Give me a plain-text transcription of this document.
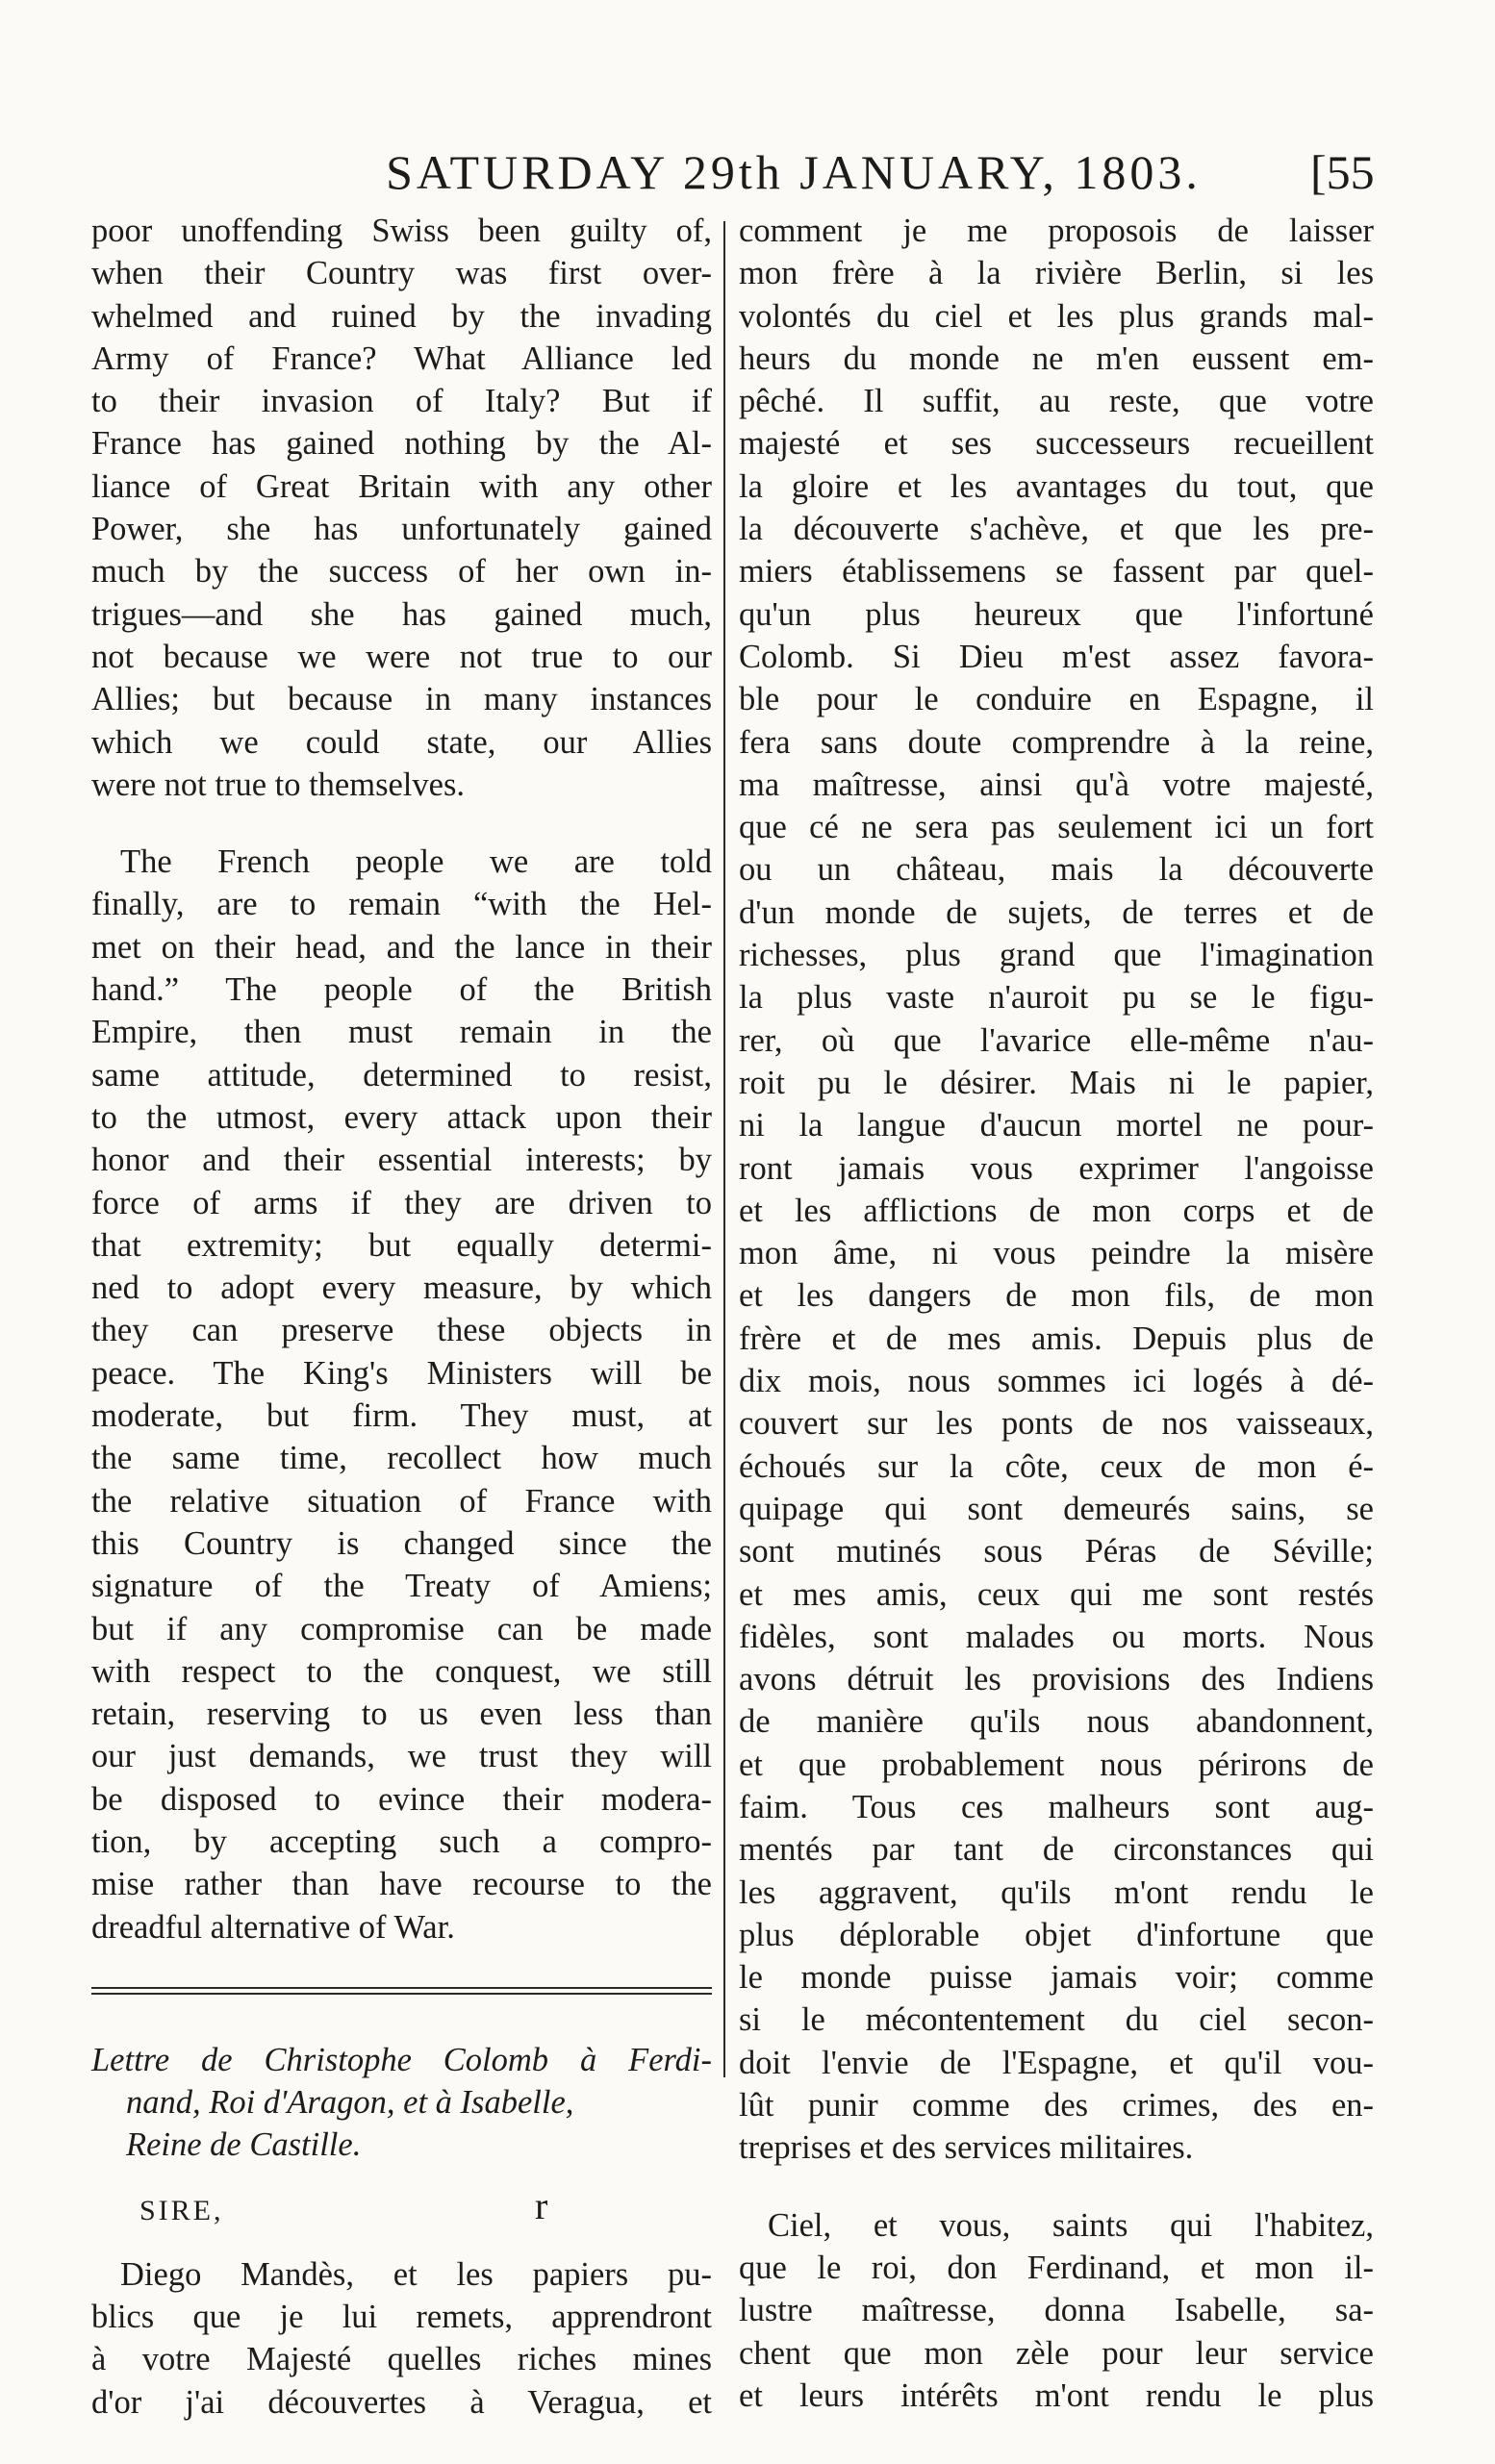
SATURDAY 29th JANUARY, 1803.	[55
poor unoffending Swiss been guilty of,
when their Country was first over-
whelmed and ruined by the invading
Army of France? What Alliance led
to their invasion of Italy? But if
France has gained nothing by the Al-
liance of Great Britain with any other
Power, she has unfortunately gained
much by the success of her own in-
trigues—and she has gained much,
not because we were not true to our
Allies; but because in many instances
which we could state, our Allies
were not true to themselves.
The French people we are told
finally, are to remain “with the Hel-
met on their head, and the lance in their
hand.” The people of the British
Empire, then must remain in the
same attitude, determined to resist,
to the utmost, every attack upon their
honor and their essential interests; by
force of arms if they are driven to
that extremity; but equally determi-
ned to adopt every measure, by which
they can preserve these objects in
peace. The King's Ministers will be
moderate, but firm. They must, at
the same time, recollect how much
the relative situation of France with
this Country is changed since the
signature of the Treaty of Amiens;
but if any compromise can be made
with respect to the conquest, we still
retain, reserving to us even less than
our just demands, we trust they will
be disposed to evince their modera-
tion, by accepting such a compro-
mise rather than have recourse to the
dreadful alternative of War.
Lettre de Christophe Colomb à Ferdi-
nand, Roi d'Aragon, et à Isabelle,
Reine de Castille.
SIRE,
Diego Mandès, et les papiers pu-
blics que je lui remets, apprendront
à votre Majesté quelles riches mines
d'or j'ai découvertes à Veragua, et
comment je me proposois de laisser
mon frère à la rivière Berlin, si les
volontés du ciel et les plus grands mal-
heurs du monde ne m'en eussent em-
pêché. Il suffit, au reste, que votre
majesté et ses successeurs recueillent
la gloire et les avantages du tout, que
la découverte s'achève, et que les pre-
miers établissemens se fassent par quel-
qu'un plus heureux que l'infortuné
Colomb. Si Dieu m'est assez favora-
ble pour le conduire en Espagne, il
fera sans doute comprendre à la reine,
ma maîtresse, ainsi qu'à votre majesté,
que cé ne sera pas seulement ici un fort
ou un château, mais la découverte
d'un monde de sujets, de terres et de
richesses, plus grand que l'imagination
la plus vaste n'auroit pu se le figu-
rer, où que l'avarice elle-même n'au-
roit pu le désirer. Mais ni le papier,
ni la langue d'aucun mortel ne pour-
ront jamais vous exprimer l'angoisse
et les afflictions de mon corps et de
mon âme, ni vous peindre la misère
et les dangers de mon fils, de mon
frère et de mes amis. Depuis plus de
dix mois, nous sommes ici logés à dé-
couvert sur les ponts de nos vaisseaux,
échoués sur la côte, ceux de mon é-
quipage qui sont demeurés sains, se
sont mutinés sous Péras de Séville;
et mes amis, ceux qui me sont restés
fidèles, sont malades ou morts. Nous
avons détruit les provisions des Indiens
de manière qu'ils nous abandonnent,
et que probablement nous périrons de
faim. Tous ces malheurs sont aug-
mentés par tant de circonstances qui
les aggravent, qu'ils m'ont rendu le
plus déplorable objet d'infortune que
le monde puisse jamais voir; comme
si le mécontentement du ciel secon-
doit l'envie de l'Espagne, et qu'il vou-
lût punir comme des crimes, des en-
treprises et des services militaires.
Ciel, et vous, saints qui l'habitez,
que le roi, don Ferdinand, et mon il-
lustre maîtresse, donna Isabelle, sa-
chent que mon zèle pour leur service
et leurs intérêts m'ont rendu le plus
r
